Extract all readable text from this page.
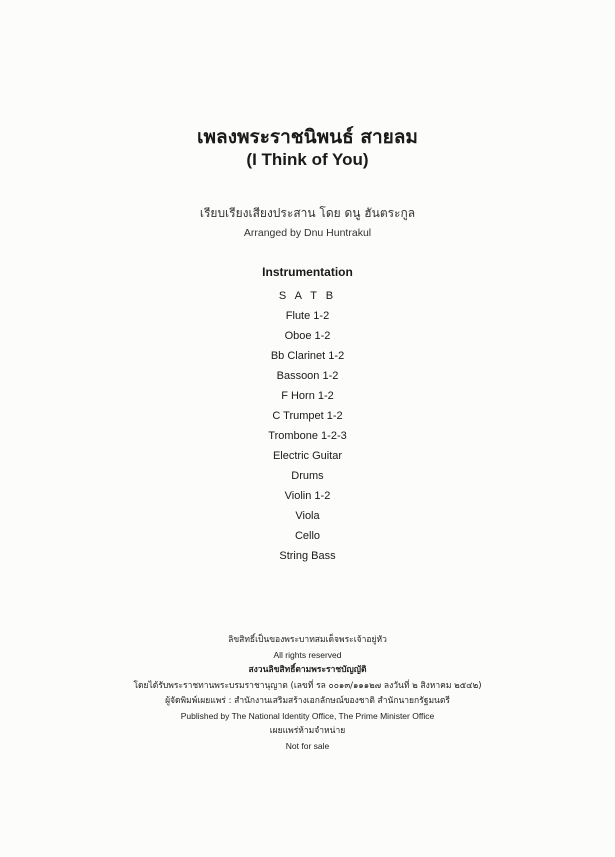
เพลงพระราชนิพนธ์ สายลม
(I Think of You)
เรียบเรียงเสียงประสาน โดย ดนู ฮันตระกูล
Arranged by Dnu Huntrakul
Instrumentation
S A T B
Flute 1-2
Oboe 1-2
Bb Clarinet 1-2
Bassoon 1-2
F Horn 1-2
C Trumpet 1-2
Trombone 1-2-3
Electric Guitar
Drums
Violin 1-2
Viola
Cello
String Bass
ลิขสิทธิ์เป็นของพระบาทสมเด็จพระเจ้าอยู่หัว
All rights reserved
สงวนลิขสิทธิ์ตามพระราชบัญญัติ
โดยได้รับพระราชทานพระบรมราชานุญาต (เลขที่ รล ๐๐๑๓/๑๑๑๒๗ ลงวันที่ ๒ สิงหาคม ๒๕๔๒)
ผู้จัดพิมพ์เผยแพร่ : สำนักงานเสริมสร้างเอกลักษณ์ของชาติ สำนักนายกรัฐมนตรี
Published by The National Identity Office, The Prime Minister Office
เผยแพร่ห้ามจำหน่าย
Not for sale
